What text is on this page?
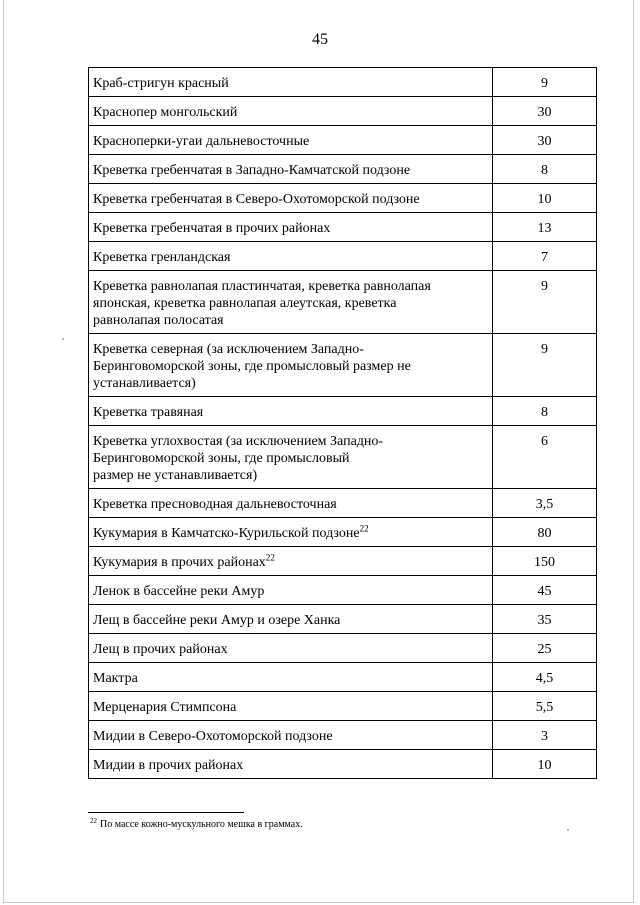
45
Краб-стригун красный	9
Краснопер монгольский	30
Красноперки-угаи дальневосточные	30
Креветка гребенчатая в Западно-Камчатской подзоне	8
Креветка гребенчатая в Северо-Охотоморской подзоне	10
Креветка гребенчатая в прочих районах	13
Креветка гренландская	7
Креветка равнолапая пластинчатая, креветка равнолапая
японская, креветка равнолапая алеутская, креветка
равнолапая полосатая	9
Креветка северная (за исключением Западно-
Беринговоморской зоны, где промысловый размер не
устанавливается)	9
Креветка травяная	8
Креветка углохвостая (за исключением Западно-
Беринговоморской зоны, где промысловый
размер не устанавливается)	6
Креветка пресноводная дальневосточная	3,5
Кукумария в Камчатско-Курильской подзоне$^{22}$	80
Кукумария в прочих районах$^{22}$	150
Ленок в бассейне реки Амур	45
Лещ в бассейне реки Амур и озере Ханка	35
Лещ в прочих районах	25
Мактра	4,5
Мерценария Стимпсона	5,5
Мидии в Северо-Охотоморской подзоне	3
Мидии в прочих районах	10
$^{22}$ По массе кожно-мускульного мешка в граммах.
